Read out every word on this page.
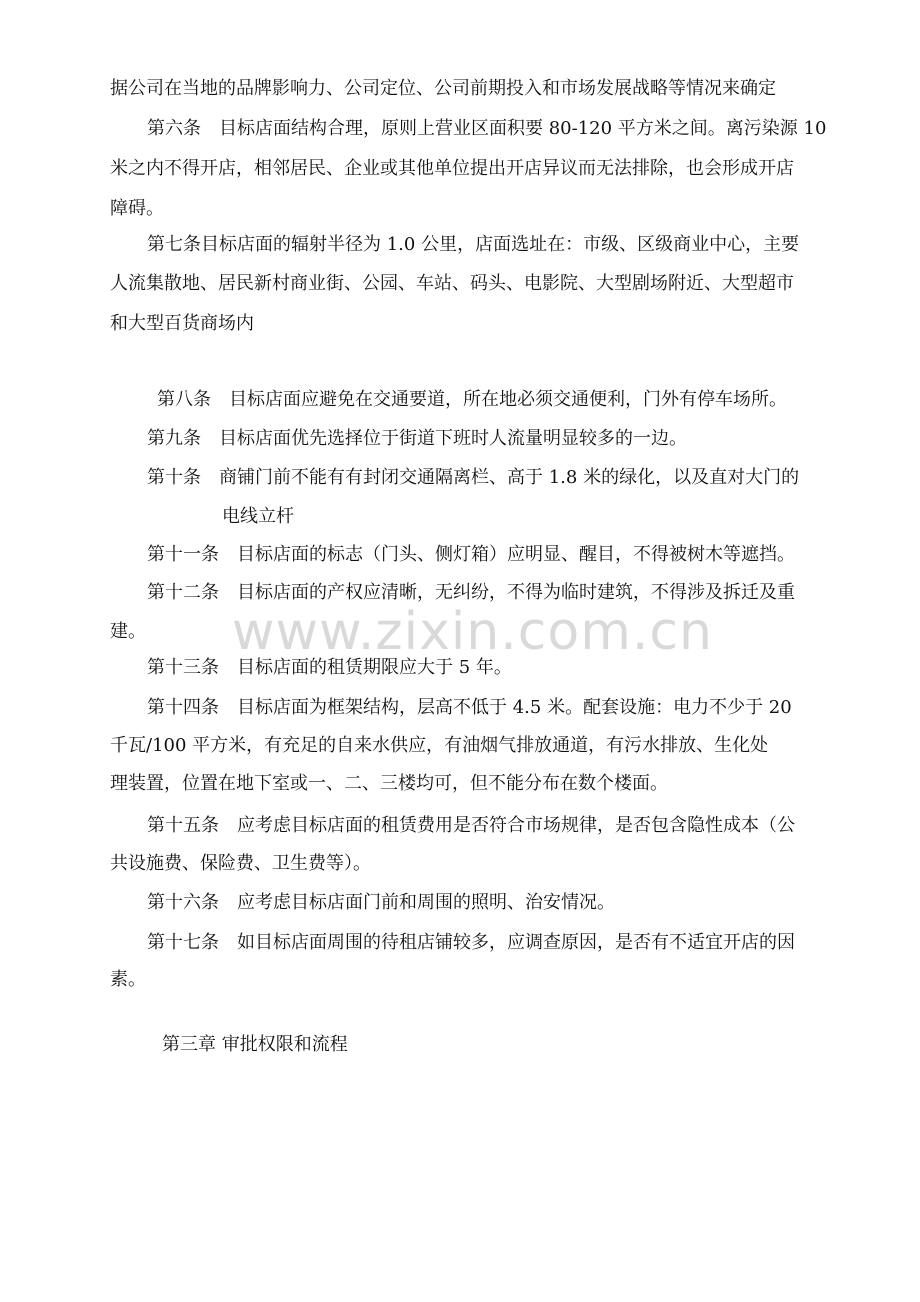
据公司在当地的品牌影响力、公司定位、公司前期投入和市场发展战略等情况来确定
第六条　目标店面结构合理，原则上营业区面积要 80-120 平方米之间。离污染源 10
米之内不得开店，相邻居民、企业或其他单位提出开店异议而无法排除，也会形成开店
障碍。
第七条目标店面的辐射半径为 1.0 公里，店面选址在：市级、区级商业中心，主要
人流集散地、居民新村商业街、公园、车站、码头、电影院、大型剧场附近、大型超市
和大型百货商场内
第八条　目标店面应避免在交通要道，所在地必须交通便利，门外有停车场所。
第九条　目标店面优先选择位于街道下班时人流量明显较多的一边。
第十条　商铺门前不能有有封闭交通隔离栏、高于 1.8 米的绿化，以及直对大门的
电线立杆
第十一条　目标店面的标志（门头、侧灯箱）应明显、醒目，不得被树木等遮挡。
第十二条　目标店面的产权应清晰，无纠纷，不得为临时建筑，不得涉及拆迁及重
建。
第十三条　目标店面的租赁期限应大于 5 年。
第十四条　目标店面为框架结构，层高不低于 4.5 米。配套设施：电力不少于 20
千瓦/100 平方米，有充足的自来水供应，有油烟气排放通道，有污水排放、生化处
理装置，位置在地下室或一、二、三楼均可，但不能分布在数个楼面。
第十五条　应考虑目标店面的租赁费用是否符合市场规律，是否包含隐性成本（公
共设施费、保险费、卫生费等）。
第十六条　应考虑目标店面门前和周围的照明、治安情况。
第十七条　如目标店面周围的待租店铺较多，应调查原因，是否有不适宜开店的因
素。
第三章 审批权限和流程
www.zixin.com.cn
